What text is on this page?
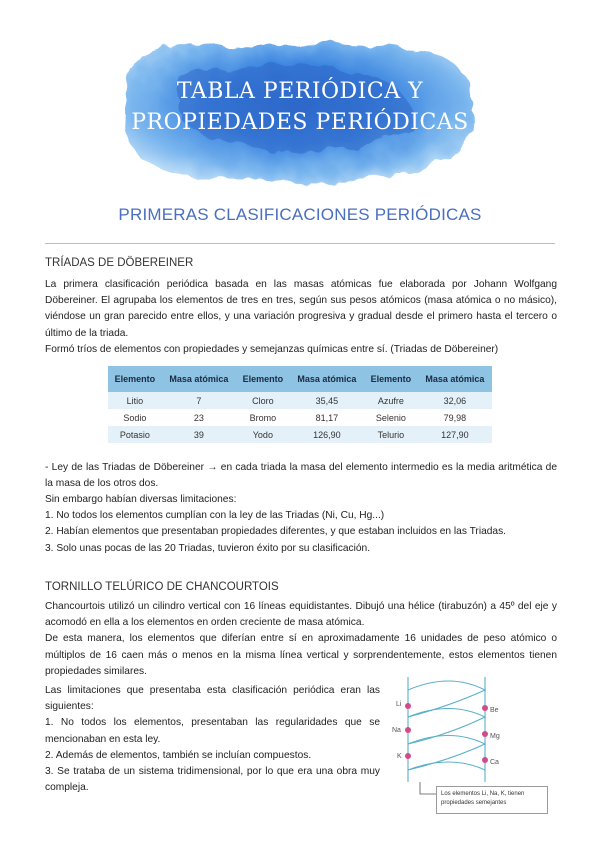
TABLA PERIÓDICA Y
PROPIEDADES PERIÓDICAS
PRIMERAS CLASIFICACIONES PERIÓDICAS
TRÍADAS DE DÖBEREINER

La primera clasificación periódica basada en las masas atómicas fue elaborada por Johann Wolfgang Döbereiner. El agrupaba los elementos de tres en tres, según sus pesos atómicos (masa atómica o no másico), viéndose un gran parecido entre ellos, y una variación progresiva y gradual desde el primero hasta el tercero o último de la triada.

Formó tríos de elementos con propiedades y semejanzas químicas entre sí. (Triadas de Döbereiner)

Elemento	Masa atómica	Elemento	Masa atómica	Elemento	Masa atómica
Litio	7	Cloro	35,45	Azufre	32,06
Sodio	23	Bromo	81,17	Selenio	79,98
Potasio	39	Yodo	126,90	Telurio	127,90
- Ley de las Triadas de Döbereiner → en cada triada la masa del elemento intermedio es la media aritmética de la masa de los otros dos.
Sin embargo habían diversas limitaciones:
1. No todos los elementos cumplían con la ley de las Triadas (Ni, Cu, Hg...)
2. Habían elementos que presentaban propiedades diferentes, y que estaban incluidos en las Triadas.
3. Solo unas pocas de las 20 Triadas, tuvieron éxito por su clasificación.
TORNILLO TELÚRICO DE CHANCOURTOIS

Chancourtois utilizó un cilindro vertical con 16 líneas equidistantes. Dibujó una hélice (tirabuzón) a 45º del eje y acomodó en ella a los elementos en orden creciente de masa atómica.

De esta manera, los elementos que diferían entre sí en aproximadamente 16 unidades de peso atómico o múltiplos de 16 caen más o menos en la misma línea vertical y sorprendentemente, estos elementos tienen propiedades similares.

Las limitaciones que presentaba esta clasificación periódica eran las siguientes:
1. No todos los elementos, presentaban las regularidades que se mencionaban en esta ley.
2. Además de elementos, también se incluían compuestos.
3. Se trataba de un sistema tridimensional, por lo que era una obra muy compleja.
Li
Na
K
Be
Mg
Ca
Los elementos Li, Na, K, tienen propiedades semejantes
